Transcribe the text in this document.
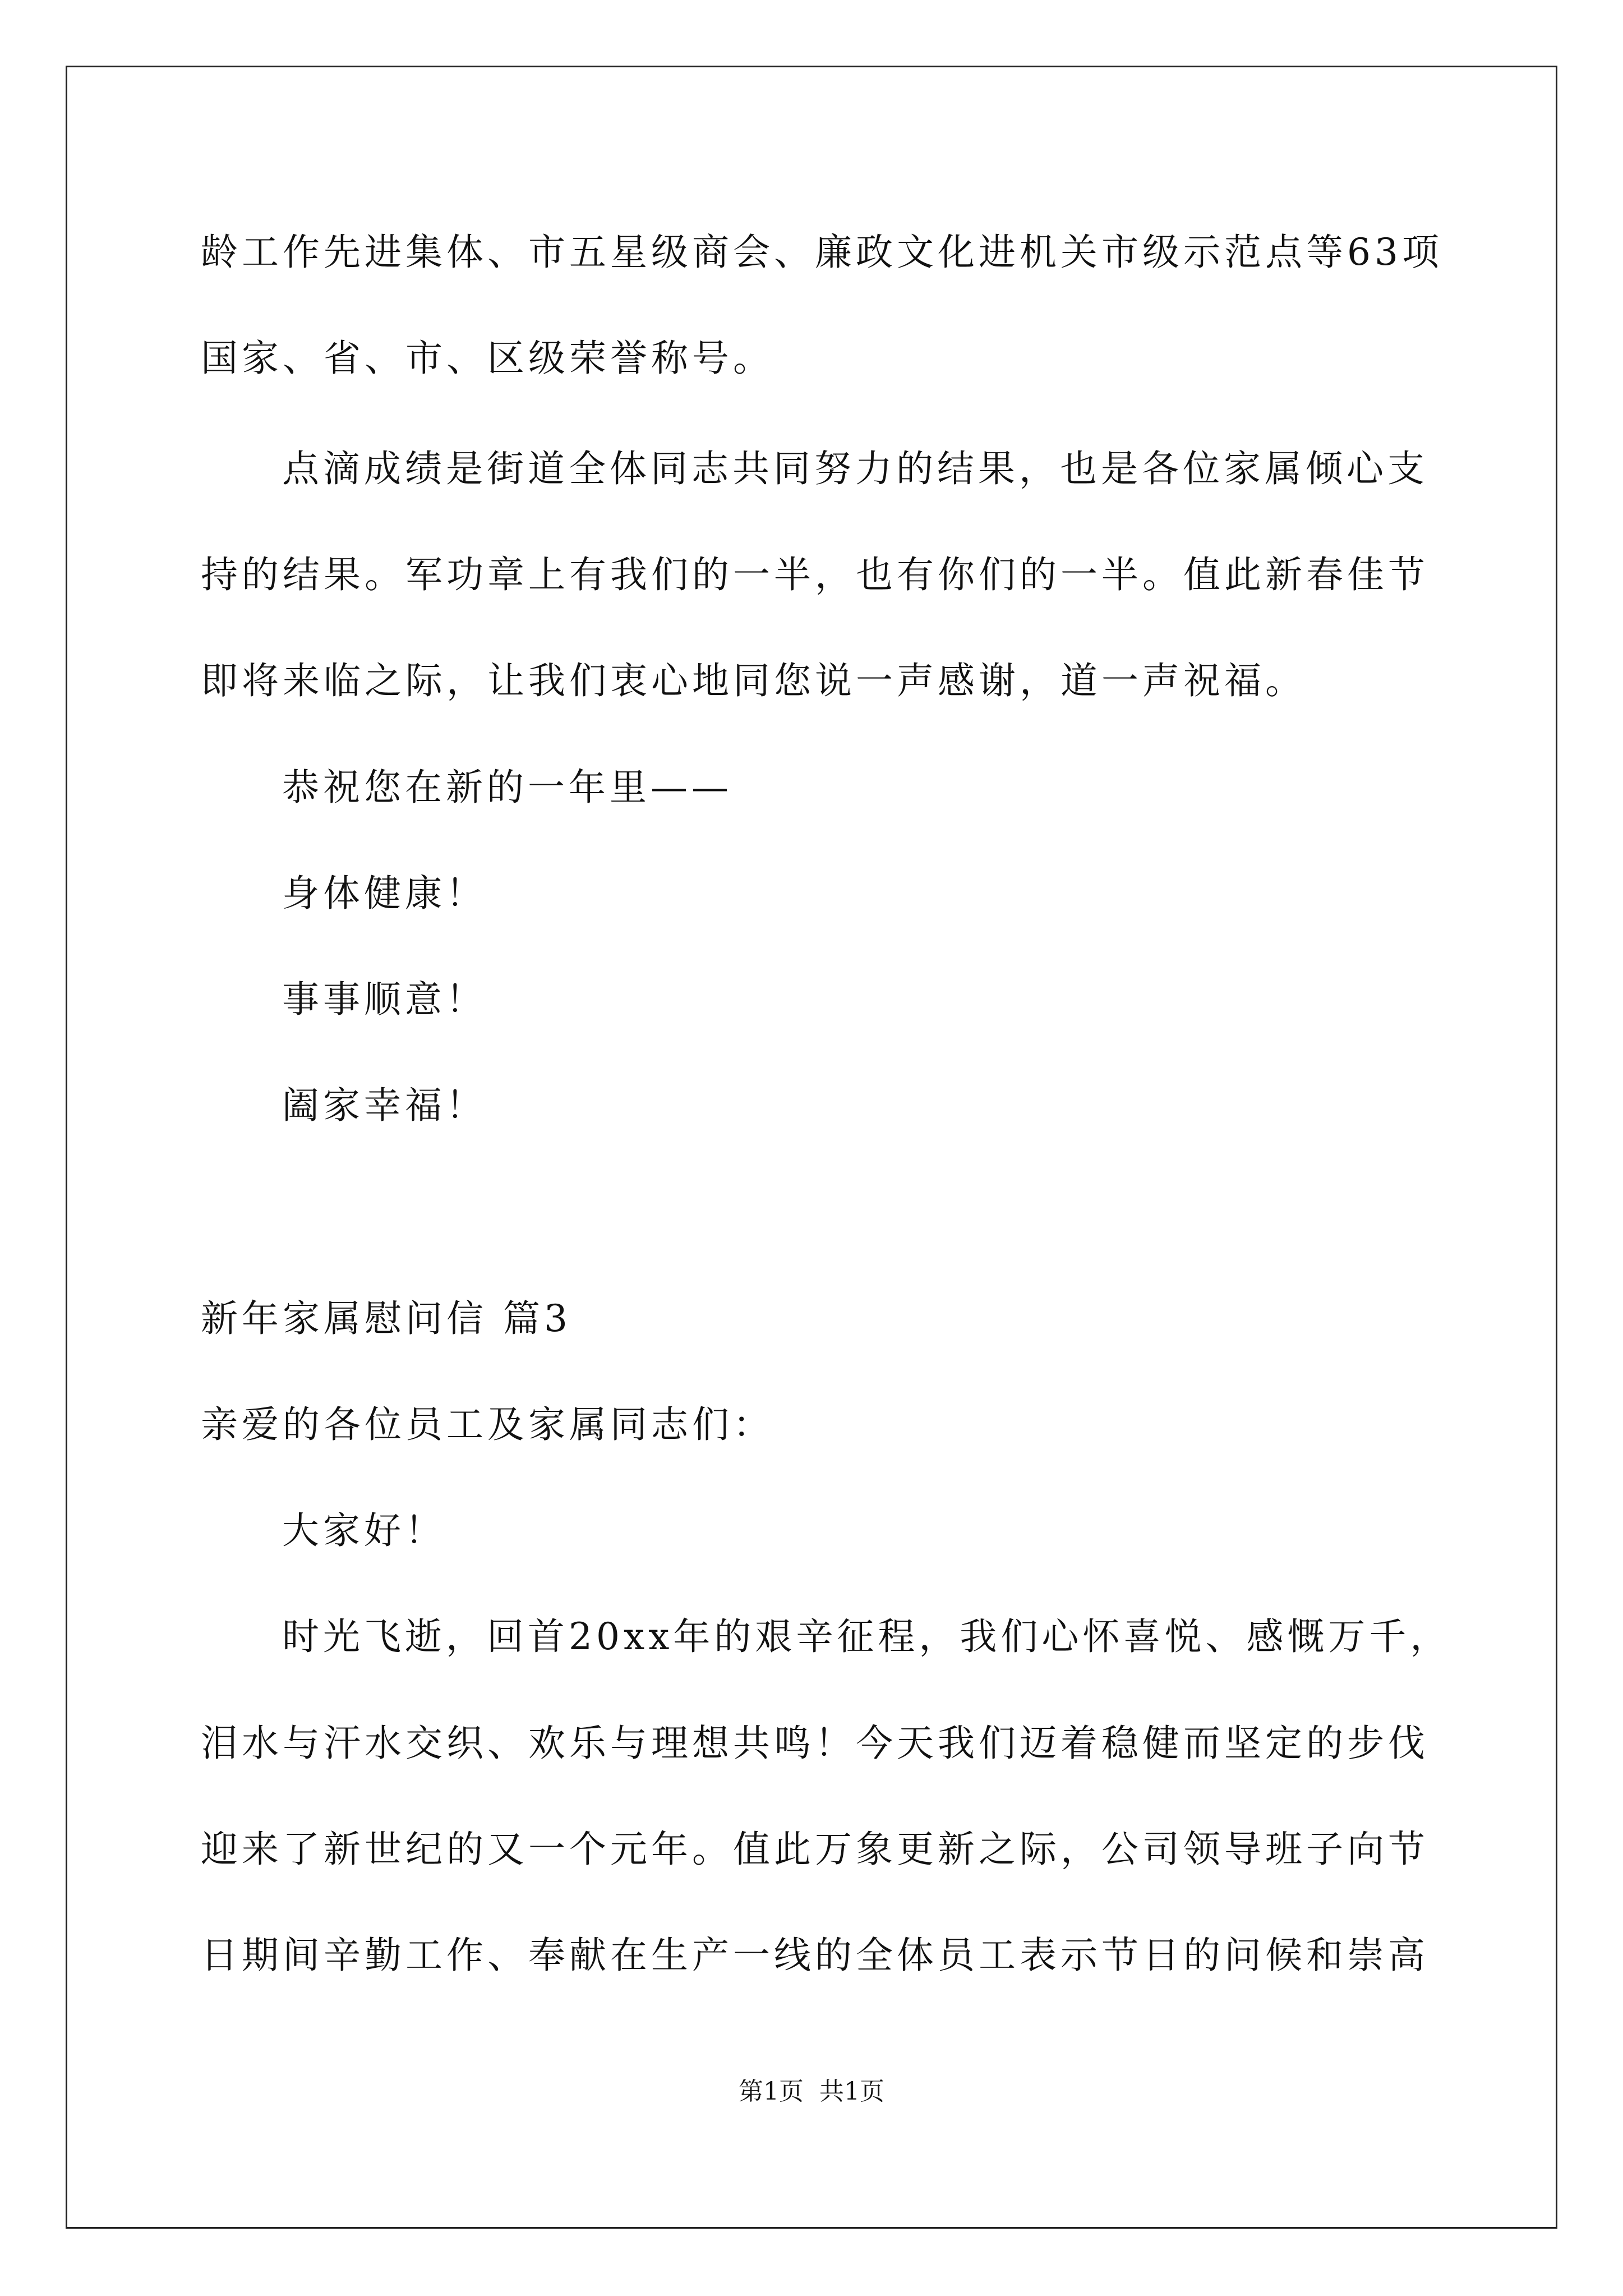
龄工作先进集体、市五星级商会、廉政文化进机关市级示范点等63项
国家、省、市、区级荣誉称号。
点滴成绩是街道全体同志共同努力的结果，也是各位家属倾心支
持的结果。军功章上有我们的一半，也有你们的一半。值此新春佳节
即将来临之际，让我们衷心地同您说一声感谢，道一声祝福。
恭祝您在新的一年里——
身体健康！
事事顺意！
阖家幸福！
新年家属慰问信 篇3
亲爱的各位员工及家属同志们：
大家好！
时光飞逝，回首20xx年的艰辛征程，我们心怀喜悦、感慨万千，
泪水与汗水交织、欢乐与理想共鸣！今天我们迈着稳健而坚定的步伐
迎来了新世纪的又一个元年。值此万象更新之际，公司领导班子向节
日期间辛勤工作、奉献在生产一线的全体员工表示节日的问候和崇高
第1页  共1页
